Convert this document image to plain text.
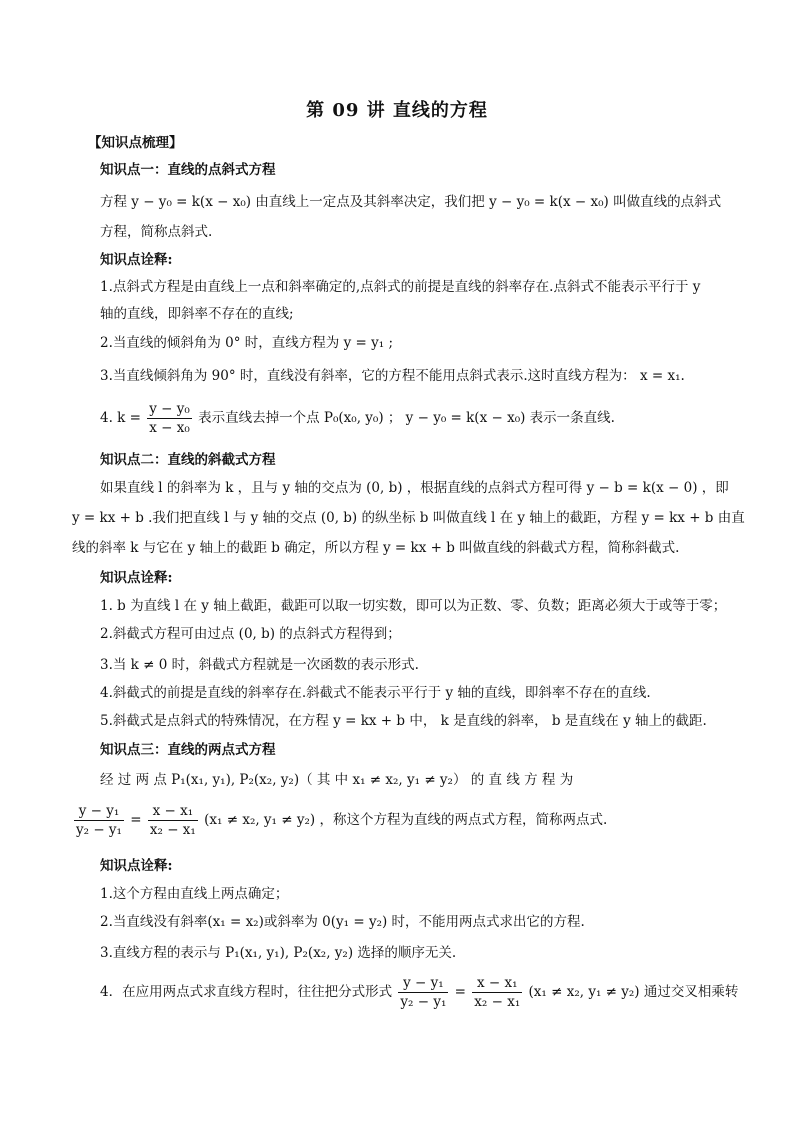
第 09 讲 直线的方程
【知识点梳理】
知识点一：直线的点斜式方程
方程 y − y₀ = k(x − x₀) 由直线上一定点及其斜率决定，我们把 y − y₀ = k(x − x₀) 叫做直线的点斜式
方程，简称点斜式.
知识点诠释:
1.点斜式方程是由直线上一点和斜率确定的,点斜式的前提是直线的斜率存在.点斜式不能表示平行于 y
轴的直线，即斜率不存在的直线;
2.当直线的倾斜角为 0° 时，直线方程为 y = y₁ ;
3.当直线倾斜角为 90° 时，直线没有斜率，它的方程不能用点斜式表示.这时直线方程为： x = x₁.
4. $k = \frac{\text{y − y₀}}{\text{x − x₀}}$ 表示直线去掉一个点 P₀(x₀, y₀) ； y − y₀ = k(x − x₀) 表示一条直线.
知识点二：直线的斜截式方程
如果直线 l 的斜率为 k ，且与 y 轴的交点为 (0, b) ，根据直线的点斜式方程可得 y − b = k(x − 0) ，即
y = kx + b .我们把直线 l 与 y 轴的交点 (0, b) 的纵坐标 b 叫做直线 l 在 y 轴上的截距，方程 y = kx + b 由直
线的斜率 k 与它在 y 轴上的截距 b 确定，所以方程 y = kx + b 叫做直线的斜截式方程，简称斜截式.
知识点诠释:
1. b 为直线 l 在 y 轴上截距，截距可以取一切实数，即可以为正数、零、负数；距离必须大于或等于零；
2.斜截式方程可由过点 (0, b) 的点斜式方程得到；
3.当 k ≠ 0 时，斜截式方程就是一次函数的表示形式.
4.斜截式的前提是直线的斜率存在.斜截式不能表示平行于 y 轴的直线，即斜率不存在的直线.
5.斜截式是点斜式的特殊情况，在方程 y = kx + b 中， k 是直线的斜率， b 是直线在 y 轴上的截距.
知识点三：直线的两点式方程
经 过 两 点 P₁(x₁, y₁), P₂(x₂, y₂)（ 其 中 x₁ ≠ x₂, y₁ ≠ y₂） 的 直 线 方 程 为
$\frac{\text{y − y₁}}{\text{y₂ − y₁}} = \frac{\text{x − x₁}}{\text{x₂ − x₁}} (x_1 \ne x_2$, y₁ ≠ y₂) ，称这个方程为直线的两点式方程，简称两点式.
知识点诠释:
1.这个方程由直线上两点确定；
2.当直线没有斜率(x₁ = x₂)或斜率为 0(y₁ = y₂) 时，不能用两点式求出它的方程.
3.直线方程的表示与 P₁(x₁, y₁), P₂(x₂, y₂) 选择的顺序无关.
4．在应用两点式求直线方程时，往往把分式形式 $\frac{\text{y − y₁}}{\text{y₂ − y₁}} = \frac{\text{x − x₁}}{\text{x₂ − x₁}} (x_1 \ne x_2$, y₁ ≠ y₂) 通过交叉相乘转
